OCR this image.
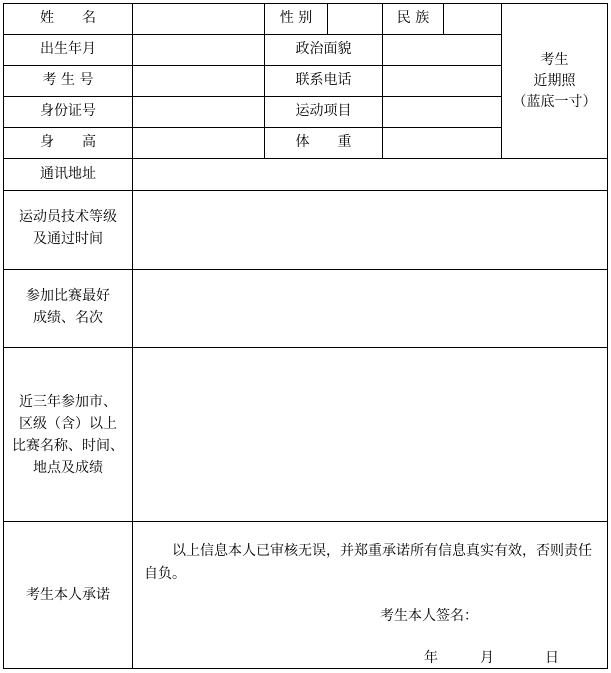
姓　　名	性 别	民 族
出生年月	政治面貌
考 生 号	联系电话
身份证号	运动项目
身　　高	体　　重
考生
近期照
（蓝底一寸）
通讯地址
运动员技术等级
及通过时间
参加比赛最好
成绩、名次
近三年参加市、
区级（含）以上
比赛名称、时间、
地点及成绩
考生本人承诺
以上信息本人已审核无误，并郑重承诺所有信息真实有效，否则责任自负。
考生本人签名：
年	月	日
